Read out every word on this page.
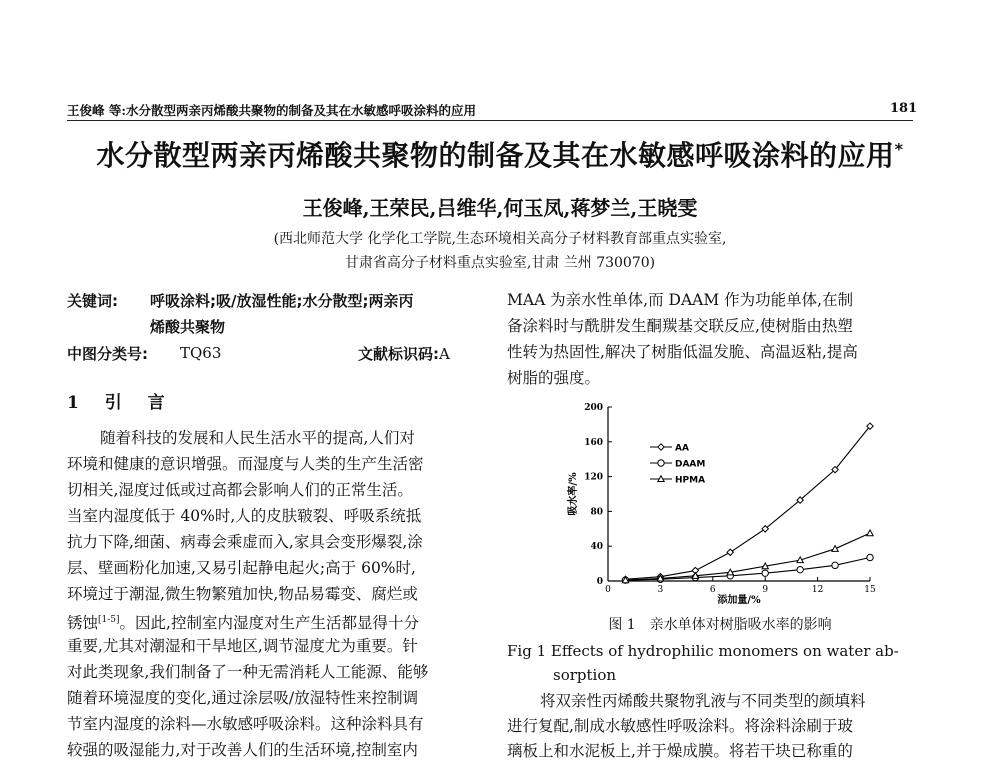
王俊峰 等:水分散型两亲丙烯酸共聚物的制备及其在水敏感呼吸涂料的应用	181
水分散型两亲丙烯酸共聚物的制备及其在水敏感呼吸涂料的应用*
王俊峰,王荣民,吕维华,何玉凤,蒋梦兰,王晓雯
(西北师范大学 化学化工学院,生态环境相关高分子材料教育部重点实验室,
甘肃省高分子材料重点实验室,甘肃 兰州 730070)
关键词: 呼吸涂料;吸/放湿性能;水分散型;两亲丙
烯酸共聚物
中图分类号: TQ63	文献标识码:A
1 引 言
随着科技的发展和人民生活水平的提高,人们对
环境和健康的意识增强。而湿度与人类的生产生活密
切相关,湿度过低或过高都会影响人们的正常生活。
当室内湿度低于 40%时,人的皮肤皲裂、呼吸系统抵
抗力下降,细菌、病毒会乘虚而入,家具会变形爆裂,涂
层、壁画粉化加速,又易引起静电起火;高于 60%时,
环境过于潮湿,微生物繁殖加快,物品易霉变、腐烂或
锈蚀[1-5]。因此,控制室内湿度对生产生活都显得十分
重要,尤其对潮湿和干旱地区,调节湿度尤为重要。针
对此类现象,我们制备了一种无需消耗人工能源、能够
随着环境湿度的变化,通过涂层吸/放湿特性来控制调
节室内湿度的涂料—水敏感呼吸涂料。这种涂料具有
较强的吸湿能力,对于改善人们的生活环境,控制室内
MAA 为亲水性单体,而 DAAM 作为功能单体,在制
备涂料时与酰肼发生酮羰基交联反应,使树脂由热塑
性转为热固性,解决了树脂低温发脆、高温返粘,提高
树脂的强度。
0
40
80
120
160
200
0	3	6	9	12	15
添加量/%
吸水率/%
AA
DAAM
HPMA
图 1　亲水单体对树脂吸水率的影响
Fig 1 Effects of hydrophilic monomers on water ab-
sorption
将双亲性丙烯酸共聚物乳液与不同类型的颜填料
进行复配,制成水敏感性呼吸涂料。将涂料涂刷于玻
璃板上和水泥板上,并于燥成膜。将若干块已称重的
